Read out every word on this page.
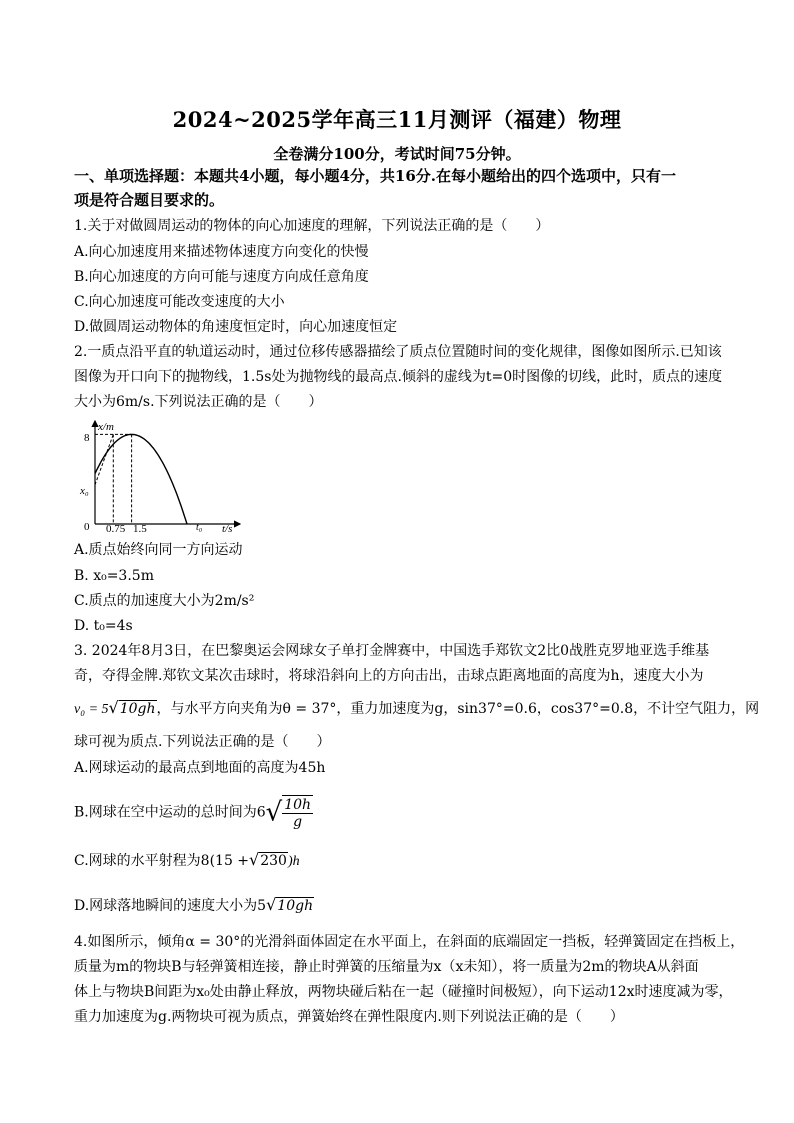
2024~2025学年高三11月测评（福建）物理
全卷满分100分，考试时间75分钟。
一、单项选择题：本题共4小题，每小题4分，共16分.在每小题给出的四个选项中，只有一
项是符合题目要求的。
1.关于对做圆周运动的物体的向心加速度的理解，下列说法正确的是（　　）
A.向心加速度用来描述物体速度方向变化的快慢
B.向心加速度的方向可能与速度方向成任意角度
C.向心加速度可能改变速度的大小
D.做圆周运动物体的角速度恒定时，向心加速度恒定
2.一质点沿平直的轨道运动时，通过位移传感器描绘了质点位置随时间的变化规律，图像如图所示.已知该
图像为开口向下的抛物线，1.5s处为抛物线的最高点.倾斜的虚线为t=0时图像的切线，此时，质点的速度
大小为6m/s.下列说法正确的是（　　）
x/m
t/s
8
x₀
0 0.75 1.5	t₀
A.质点始终向同一方向运动
B. x₀=3.5m
C.质点的加速度大小为2m/s²
D. t₀=4s
3. 2024年8月3日，在巴黎奥运会网球女子单打金牌赛中，中国选手郑钦文2比0战胜克罗地亚选手维基
奇，夺得金牌.郑钦文某次击球时，将球沿斜向上的方向击出，击球点距离地面的高度为h，速度大小为
v₀ = 5√10gh，与水平方向夹角为θ = 37°，重力加速度为g，sin37°=0.6，cos37°=0.8，不计空气阻力，网
球可视为质点.下列说法正确的是（　　）
A.网球运动的最高点到地面的高度为45h
B.网球在空中运动的总时间为$6√ \frac{10h}{g}$
C.网球的水平射程为8(15 +√230)h
D.网球落地瞬间的速度大小为5√10gh
4.如图所示，倾角α = 30°的光滑斜面体固定在水平面上，在斜面的底端固定一挡板，轻弹簧固定在挡板上，
质量为m的物块B与轻弹簧相连接，静止时弹簧的压缩量为x（x未知），将一质量为2m的物块A从斜面
体上与物块B间距为x₀处由静止释放，两物块碰后粘在一起（碰撞时间极短），向下运动12x时速度减为零，
重力加速度为g.两物块可视为质点，弹簧始终在弹性限度内.则下列说法正确的是（　　）
